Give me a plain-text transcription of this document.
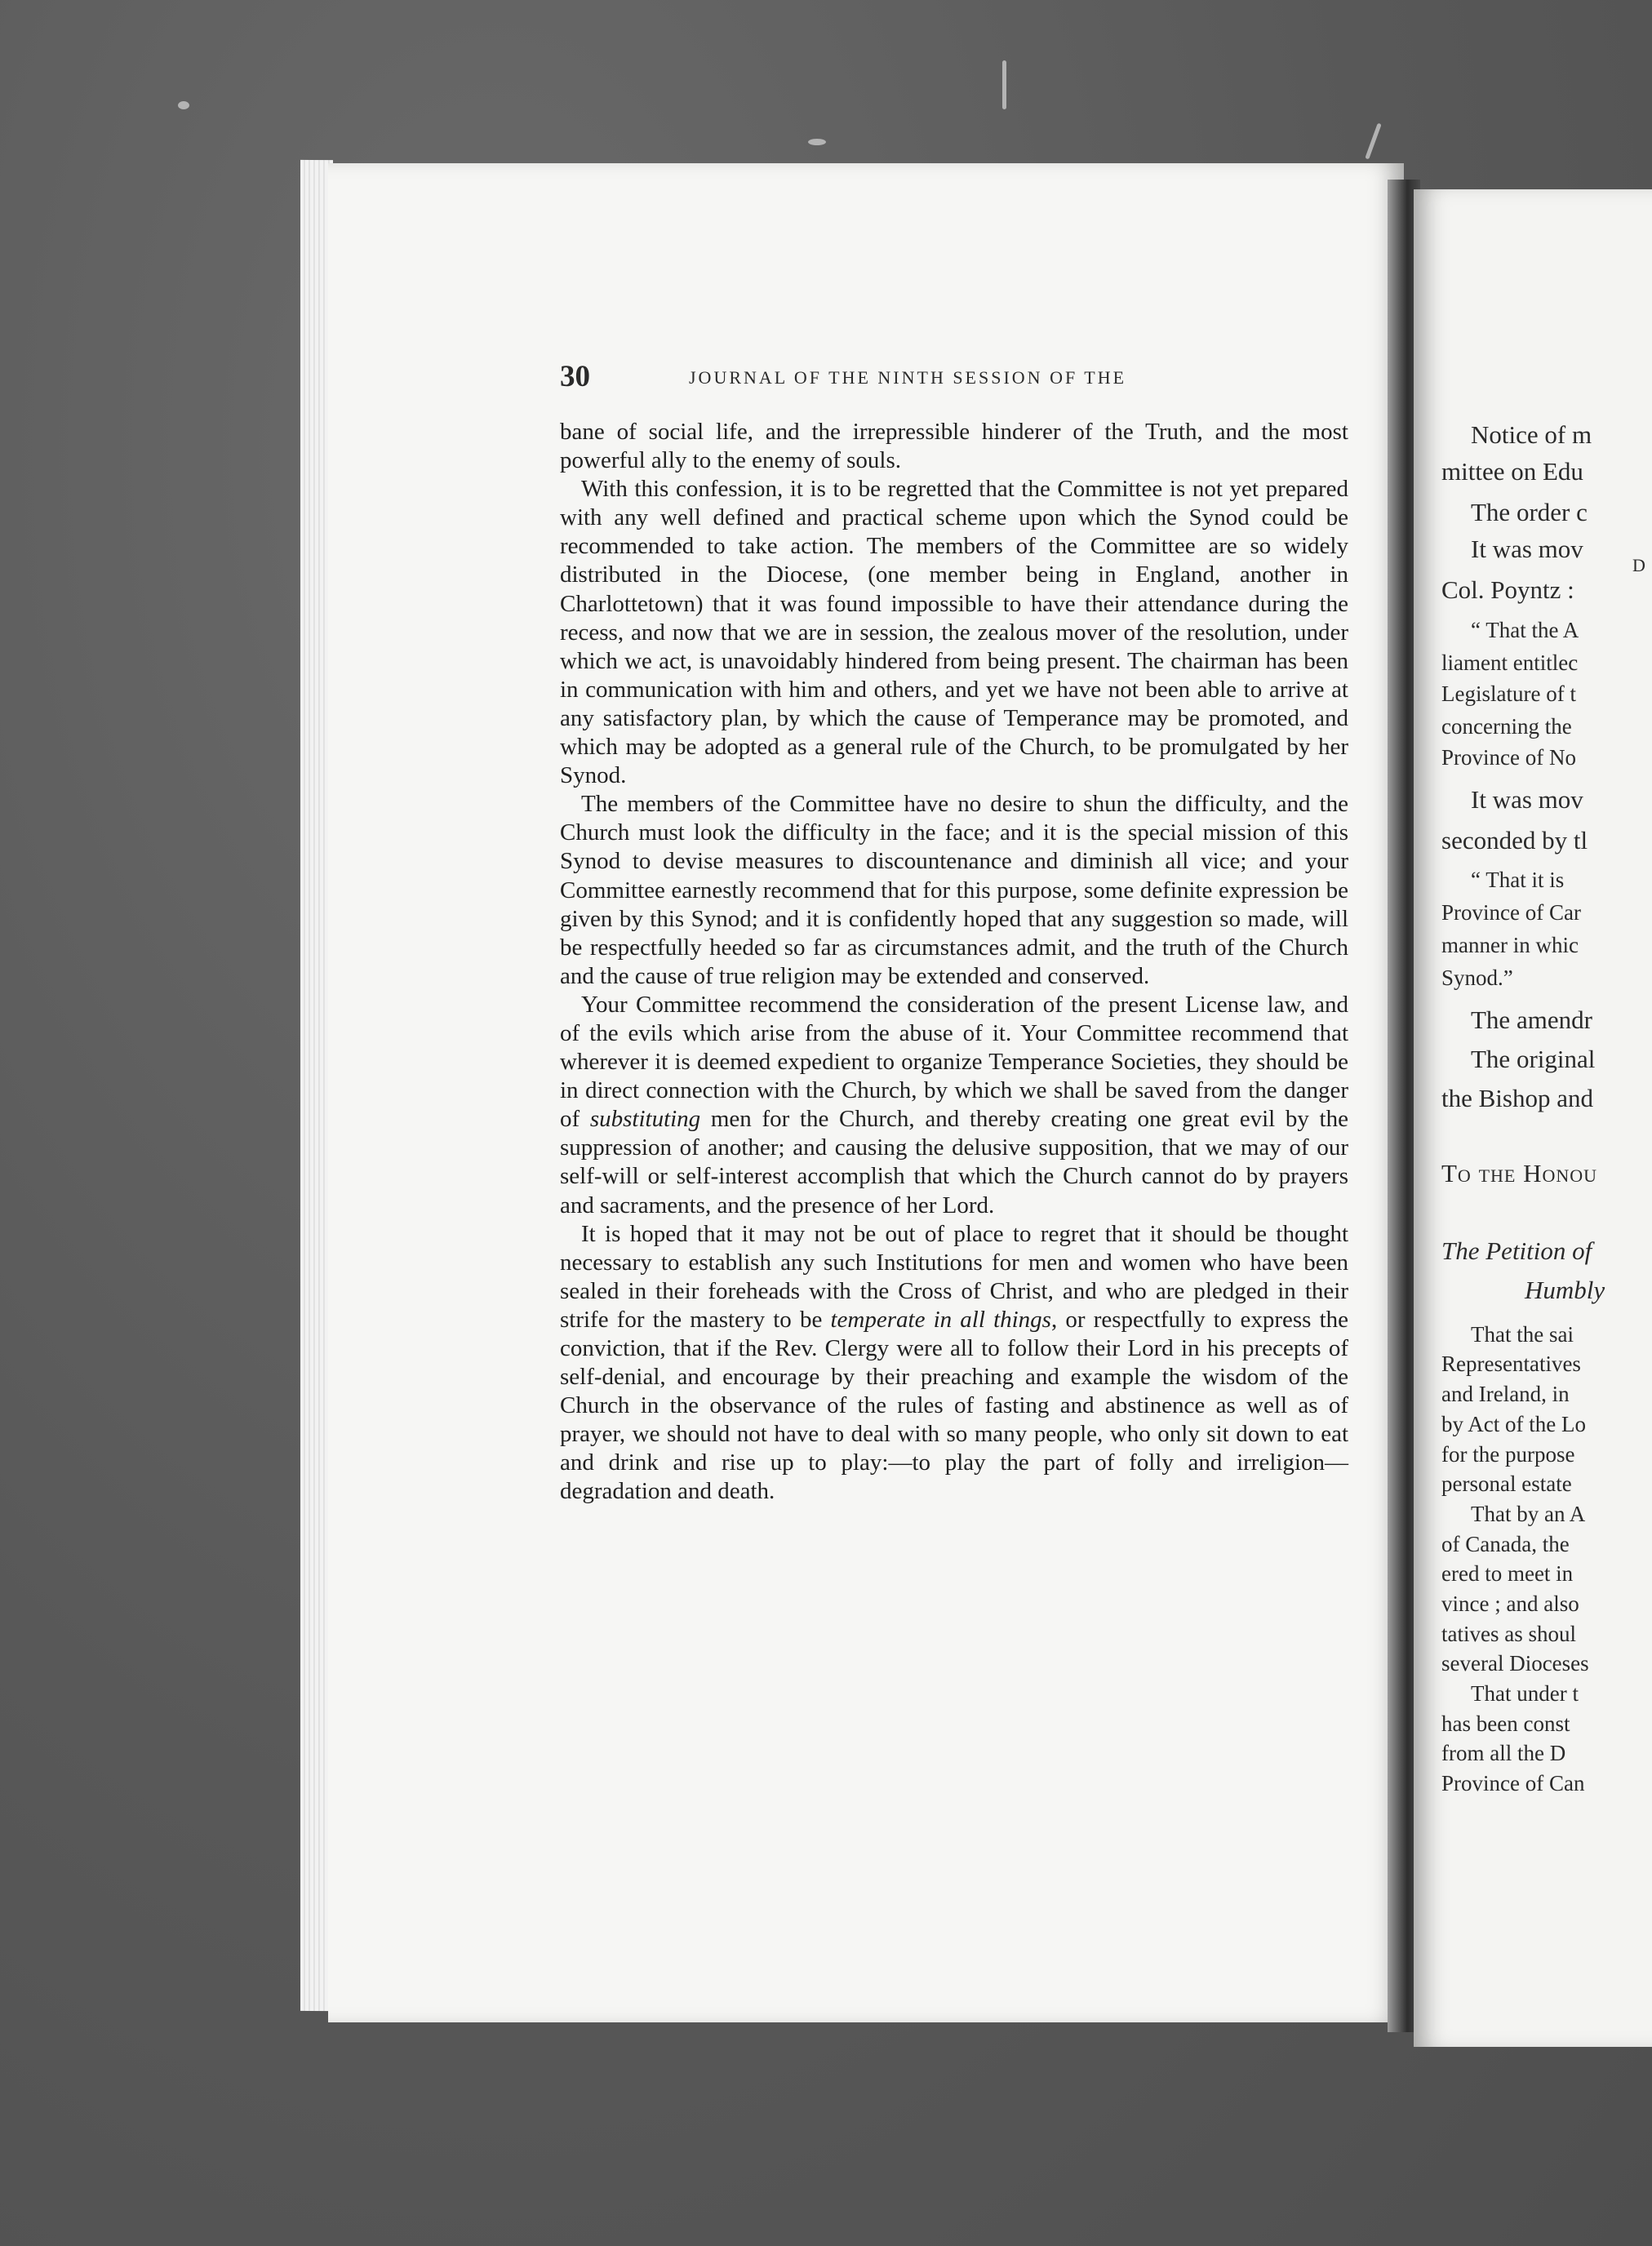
30	JOURNAL OF THE NINTH SESSION OF THE

bane of social life, and the irrepressible hinderer of the Truth, and the most powerful ally to the enemy of souls.

With this confession, it is to be regretted that the Committee is not yet prepared with any well defined and practical scheme upon which the Synod could be recommended to take action. The members of the Committee are so widely distributed in the Diocese, (one member being in England, another in Charlottetown) that it was found impossible to have their attendance during the recess, and now that we are in session, the zealous mover of the resolution, under which we act, is unavoidably hindered from being present. The chairman has been in communication with him and others, and yet we have not been able to arrive at any satisfactory plan, by which the cause of Temperance may be promoted, and which may be adopted as a general rule of the Church, to be promulgated by her Synod.

The members of the Committee have no desire to shun the difficulty, and the Church must look the difficulty in the face; and it is the special mission of this Synod to devise measures to discountenance and diminish all vice; and your Committee earnestly recommend that for this purpose, some definite expression be given by this Synod; and it is confidently hoped that any suggestion so made, will be respectfully heeded so far as circumstances admit, and the truth of the Church and the cause of true religion may be extended and conserved.

Your Committee recommend the consideration of the present License law, and of the evils which arise from the abuse of it. Your Committee recommend that wherever it is deemed expedient to organize Temperance Societies, they should be in direct connection with the Church, by which we shall be saved from the danger of substituting men for the Church, and thereby creating one great evil by the suppression of another; and causing the delusive supposition, that we may of our self-will or self-interest accomplish that which the Church cannot do by prayers and sacraments, and the presence of her Lord.

It is hoped that it may not be out of place to regret that it should be thought necessary to establish any such Institutions for men and women who have been sealed in their foreheads with the Cross of Christ, and who are pledged in their strife for the mastery to be temperate in all things, or respectfully to express the conviction, that if the Rev. Clergy were all to follow their Lord in his precepts of self-denial, and encourage by their preaching and example the wisdom of the Church in the observance of the rules of fasting and abstinence as well as of prayer, we should not have to deal with so many people, who only sit down to eat and drink and rise up to play:—to play the part of folly and irreligion—degradation and death.

D
Notice of m
mittee on Edu
The order c
It was mov
Col. Poyntz :
“ That the A
liament entitlec
Legislature of t
concerning the
Province of No
It was mov
seconded by tl
“ That it is
Province of Car
manner in whic
Synod.”
The amendr
The original
the Bishop and
To the Honou
The Petition of
Humbly
That the sai
Representatives
and Ireland, in
by Act of the Lo
for the purpose
personal estate
That by an A
of Canada, the
ered to meet in
vince ; and also
tatives as shoul
several Dioceses
That under t
has been const
from all the D
Province of Can
